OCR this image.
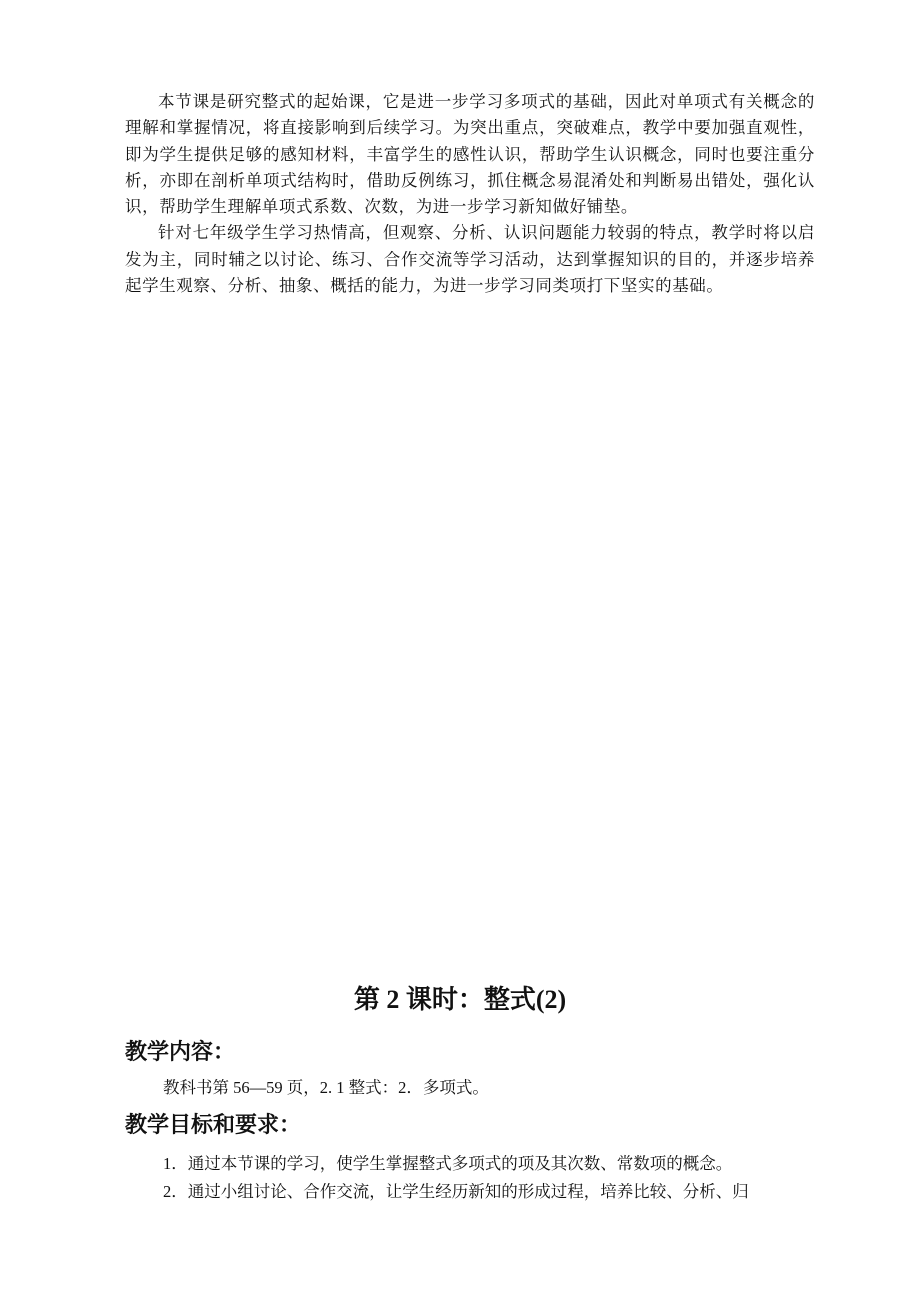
本节课是研究整式的起始课，它是进一步学习多项式的基础，因此对单项式有关概念的理解和掌握情况，将直接影响到后续学习。为突出重点，突破难点，教学中要加强直观性，即为学生提供足够的感知材料，丰富学生的感性认识，帮助学生认识概念，同时也要注重分析，亦即在剖析单项式结构时，借助反例练习，抓住概念易混淆处和判断易出错处，强化认识，帮助学生理解单项式系数、次数，为进一步学习新知做好铺垫。

针对七年级学生学习热情高，但观察、分析、认识问题能力较弱的特点，教学时将以启发为主，同时辅之以讨论、练习、合作交流等学习活动，达到掌握知识的目的，并逐步培养起学生观察、分析、抽象、概括的能力，为进一步学习同类项打下坚实的基础。

第 2 课时：整式(2)
教学内容：
教科书第 56—59 页，2. 1 整式：2．多项式。
教学目标和要求：
1．通过本节课的学习，使学生掌握整式多项式的项及其次数、常数项的概念。
2．通过小组讨论、合作交流，让学生经历新知的形成过程，培养比较、分析、归
